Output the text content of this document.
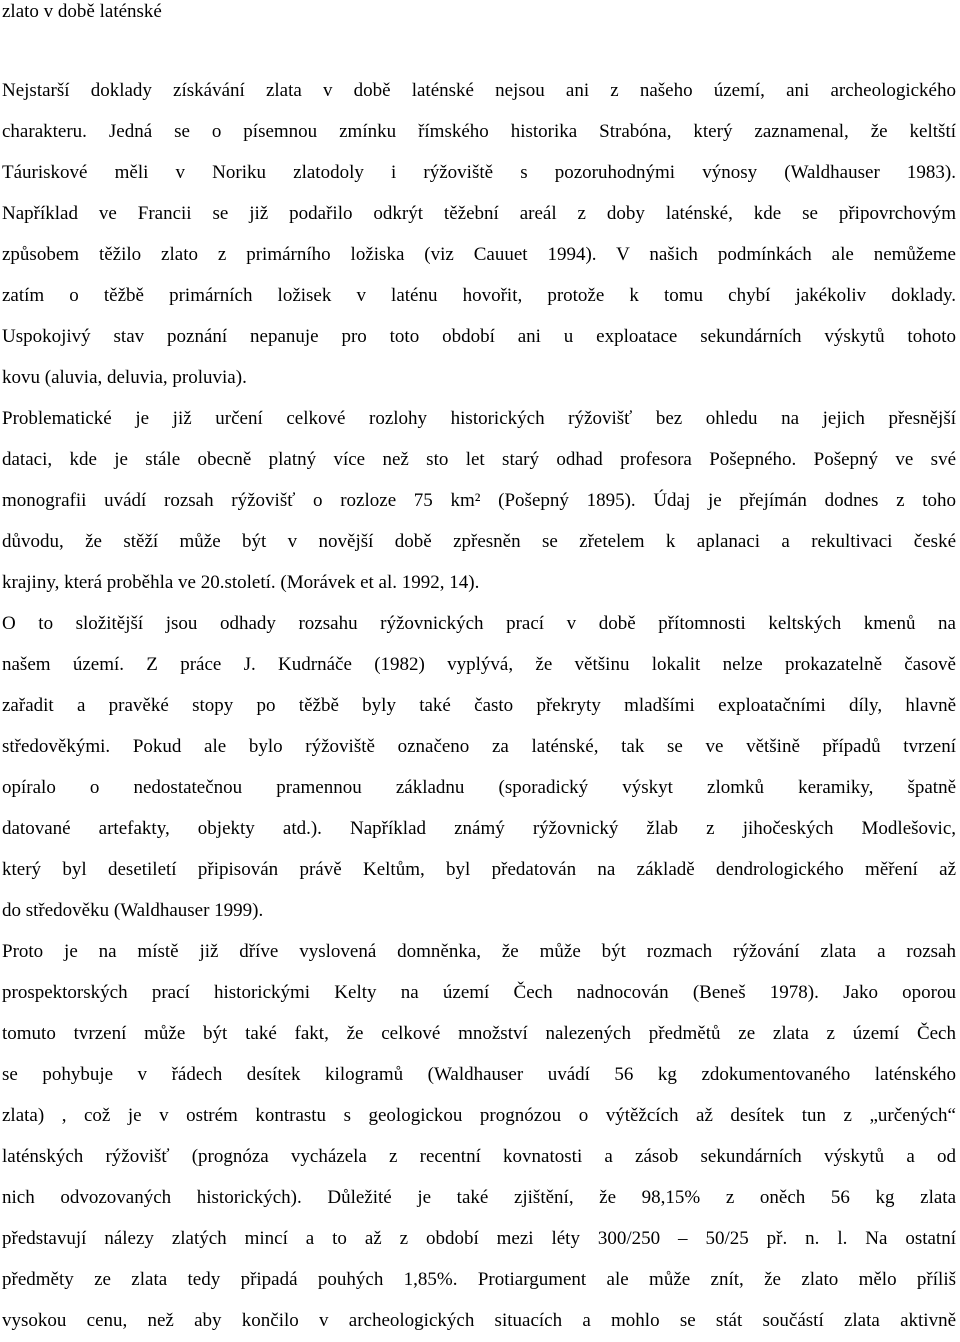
zlato v době laténské
Nejstarší doklady získávání zlata v době laténské nejsou ani z našeho území, ani archeologického
charakteru. Jedná se o písemnou zmínku římského historika Strabóna, který zaznamenal, že keltští
Táuriskové měli v Noriku zlatodoly i rýžoviště s pozoruhodnými výnosy (Waldhauser 1983).
Například ve Francii se již podařilo odkrýt těžební areál z doby laténské, kde se připovrchovým
způsobem těžilo zlato z primárního ložiska (viz Cauuet 1994). V našich podmínkách ale nemůžeme
zatím o těžbě primárních ložisek v laténu hovořit, protože k tomu chybí jakékoliv doklady.
Uspokojivý stav poznání nepanuje pro toto období ani u exploatace sekundárních výskytů tohoto
kovu (aluvia, deluvia, proluvia).
Problematické je již určení celkové rozlohy historických rýžovišť bez ohledu na jejich přesnější
dataci, kde je stále obecně platný více než sto let starý odhad profesora Pošepného. Pošepný ve své
monografii uvádí rozsah rýžovišť o rozloze 75 km² (Pošepný 1895). Údaj je přejímán dodnes z toho
důvodu, že stěží může být v novější době zpřesněn se zřetelem k aplanaci a rekultivaci české
krajiny, která proběhla ve 20.století. (Morávek et al. 1992, 14).
O to složitější jsou odhady rozsahu rýžovnických prací v době přítomnosti keltských kmenů na
našem území. Z práce J. Kudrnáče (1982) vyplývá, že většinu lokalit nelze prokazatelně časově
zařadit a pravěké stopy po těžbě byly také často překryty mladšími exploatačními díly, hlavně
středověkými. Pokud ale bylo rýžoviště označeno za laténské, tak se ve většině případů tvrzení
opíralo o nedostatečnou pramennou základnu (sporadický výskyt zlomků keramiky, špatně
datované artefakty, objekty atd.). Například známý rýžovnický žlab z jihočeských Modlešovic,
který byl desetiletí připisován právě Keltům, byl předatován na základě dendrologického měření až
do středověku (Waldhauser 1999).
Proto je na místě již dříve vyslovená domněnka, že může být rozmach rýžování zlata a rozsah
prospektorských prací historickými Kelty na území Čech nadnocován (Beneš 1978). Jako oporou
tomuto tvrzení může být také fakt, že celkové množství nalezených předmětů ze zlata z území Čech
se pohybuje v řádech desítek kilogramů (Waldhauser uvádí 56 kg zdokumentovaného laténského
zlata) , což je v ostrém kontrastu s geologickou prognózou o výtěžcích až desítek tun z „určených“
laténských rýžovišť (prognóza vycházela z recentní kovnatosti a zásob sekundárních výskytů a od
nich odvozovaných historických). Důležité je také zjištění, že 98,15% z oněch 56 kg zlata
představují nálezy zlatých mincí a to až z období mezi léty 300/250 – 50/25 př. n. l. Na ostatní
předměty ze zlata tedy připadá pouhých 1,85%. Protiargument ale může znít, že zlato mělo příliš
vysokou cenu, než aby končilo v archeologických situacích a mohlo se stát součástí zlata aktivně
